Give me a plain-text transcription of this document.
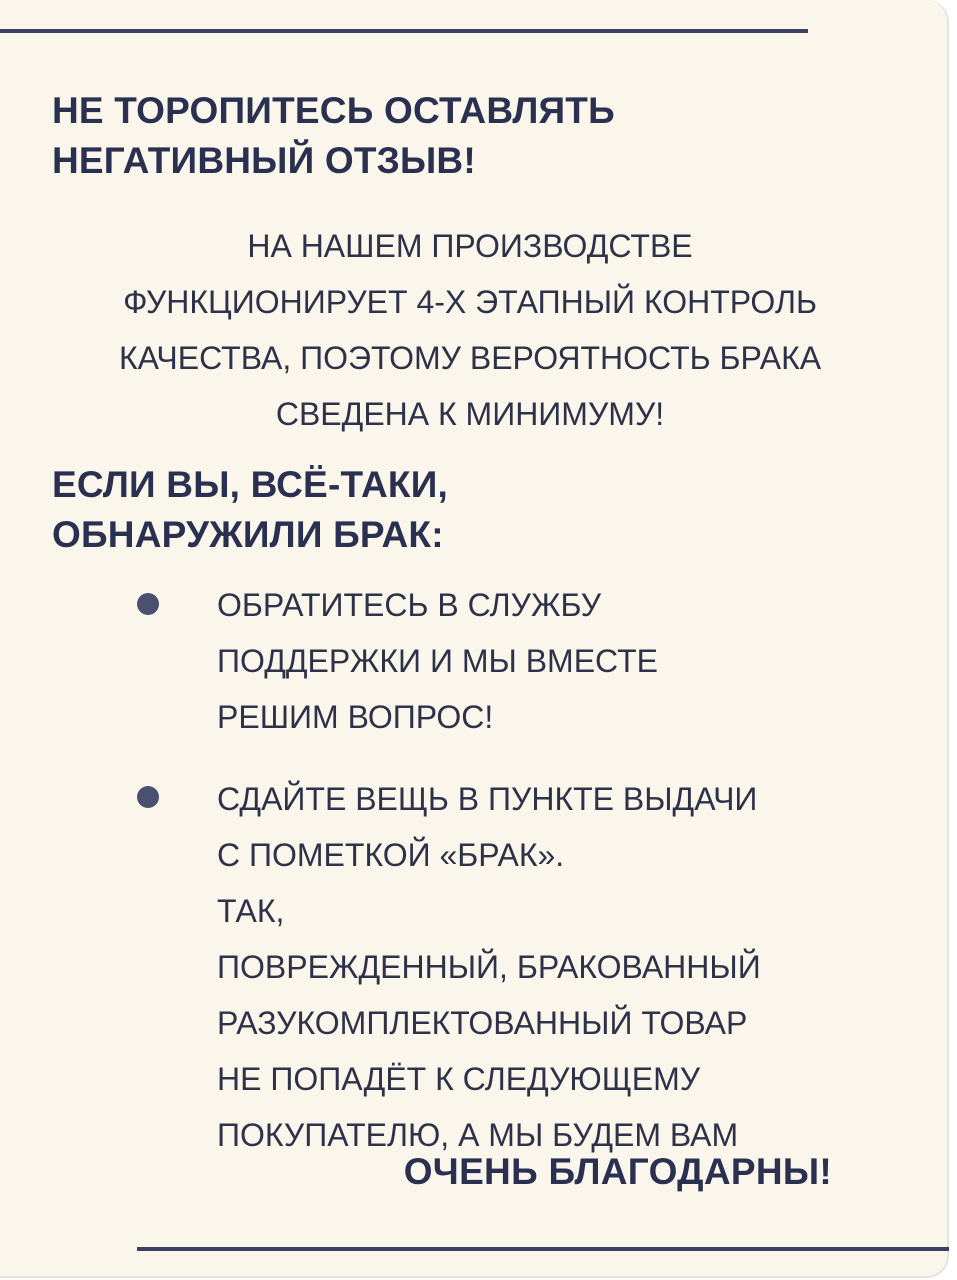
НЕ ТОРОПИТЕСЬ ОСТАВЛЯТЬ
НЕГАТИВНЫЙ ОТЗЫВ!

НА НАШЕМ ПРОИЗВОДСТВЕ
ФУНКЦИОНИРУЕТ 4-Х ЭТАПНЫЙ КОНТРОЛЬ
КАЧЕСТВА, ПОЭТОМУ ВЕРОЯТНОСТЬ БРАКА
СВЕДЕНА К МИНИМУМУ!

ЕСЛИ ВЫ, ВСЁ-ТАКИ,
ОБНАРУЖИЛИ БРАК:

ОБРАТИТЕСЬ В СЛУЖБУ
ПОДДЕРЖКИ И МЫ ВМЕСТЕ
РЕШИМ ВОПРОС!

СДАЙТЕ ВЕЩЬ В ПУНКТЕ ВЫДАЧИ
С ПОМЕТКОЙ «БРАК».
ТАК,
ПОВРЕЖДЕННЫЙ, БРАКОВАННЫЙ
РАЗУКОМПЛЕКТОВАННЫЙ ТОВАР
НЕ ПОПАДЁТ К СЛЕДУЮЩЕМУ
ПОКУПАТЕЛЮ, А МЫ БУДЕМ ВАМ

ОЧЕНЬ БЛАГОДАРНЫ!
